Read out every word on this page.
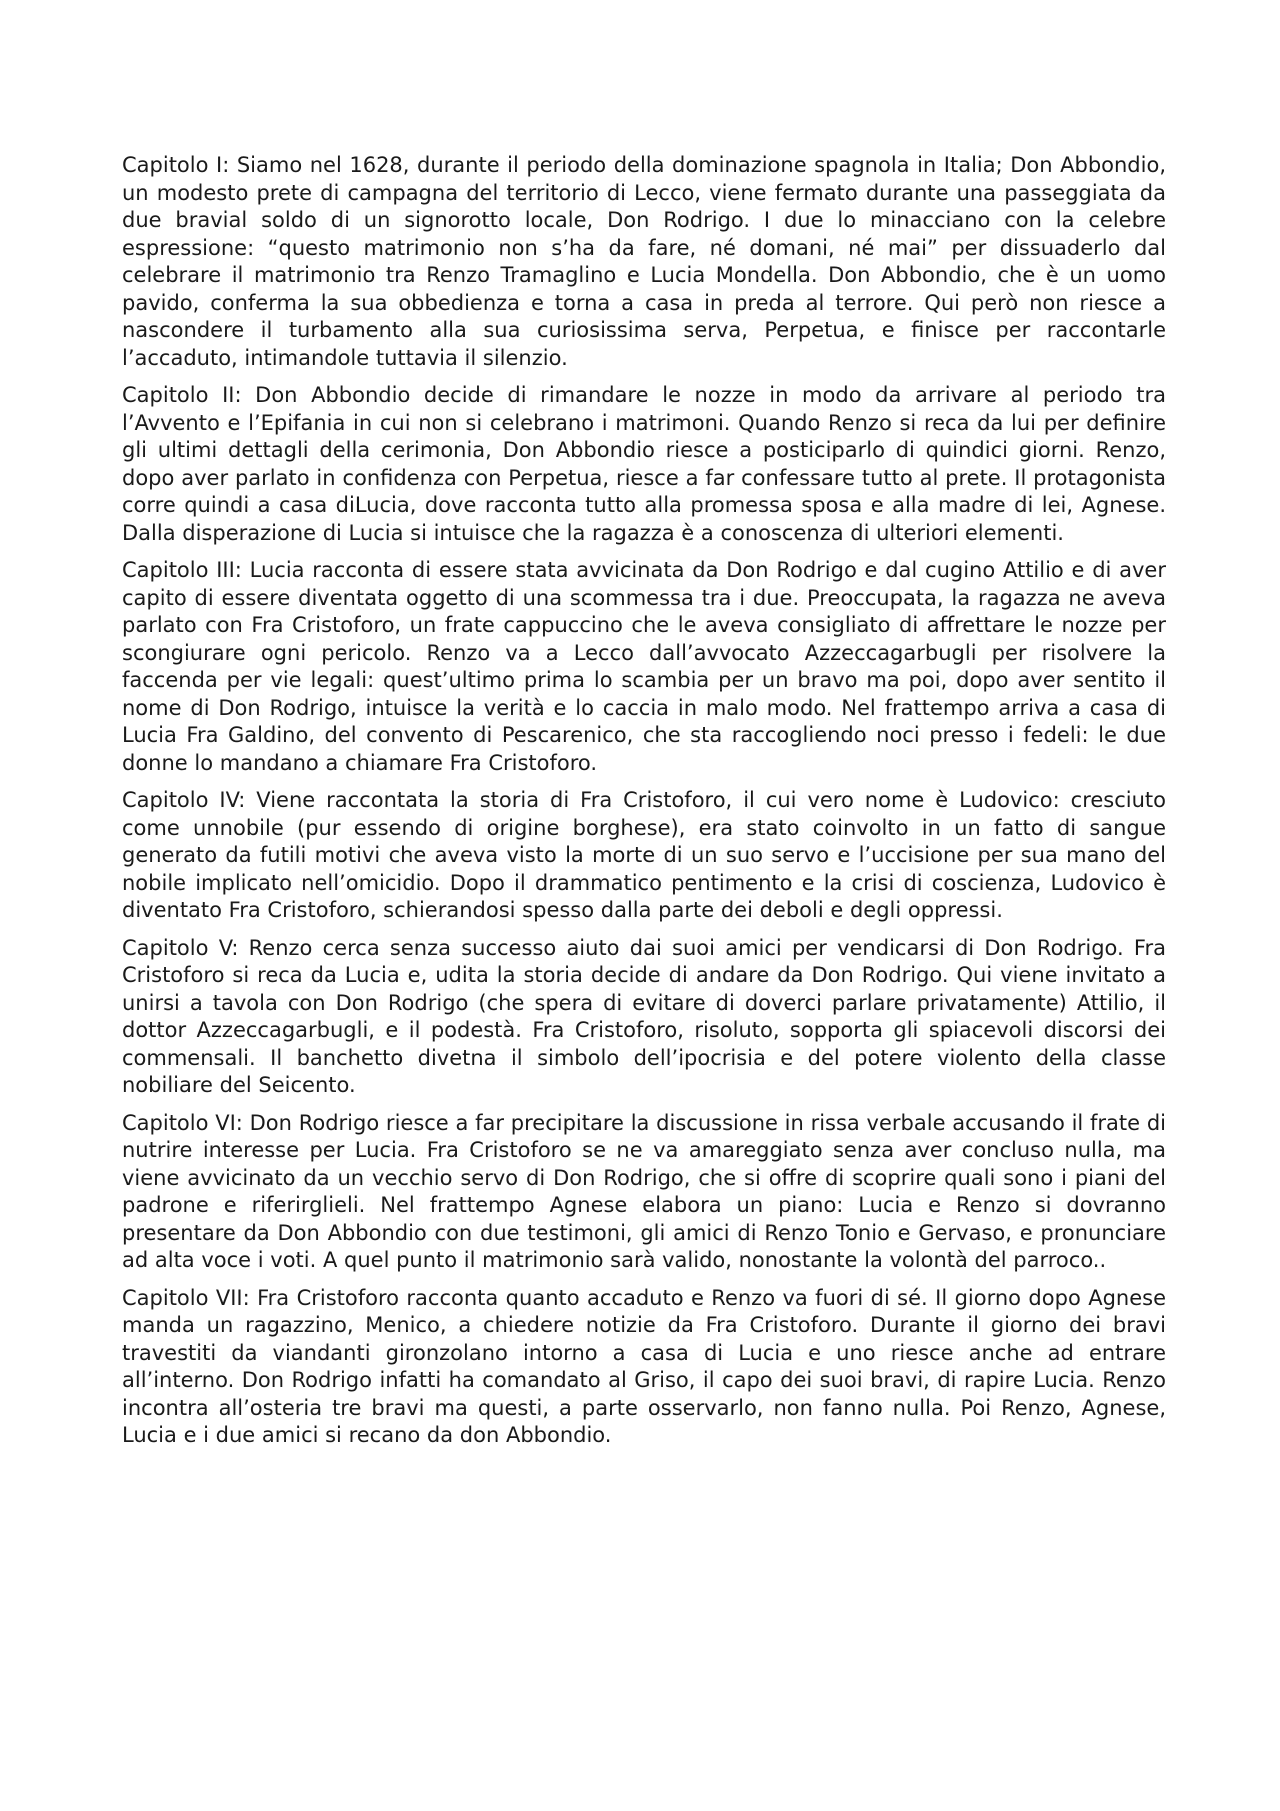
Capitolo I: Siamo nel 1628, durante il periodo della dominazione spagnola in Italia; Don Abbondio, un modesto prete di campagna del territorio di Lecco, viene fermato durante una passeggiata da due bravial soldo di un signorotto locale, Don Rodrigo. I due lo minacciano con la celebre espressione: “questo matrimonio non s’ha da fare, né domani, né mai” per dissuaderlo dal celebrare il matrimonio tra Renzo Tramaglino e Lucia Mondella. Don Abbondio, che è un uomo pavido, conferma la sua obbedienza e torna a casa in preda al terrore. Qui però non riesce a nascondere il turbamento alla sua curiosissima serva, Perpetua, e finisce per raccontarle l’accaduto, intimandole tuttavia il silenzio.

Capitolo II: Don Abbondio decide di rimandare le nozze in modo da arrivare al periodo tra l’Avvento e l’Epifania in cui non si celebrano i matrimoni. Quando Renzo si reca da lui per definire gli ultimi dettagli della cerimonia, Don Abbondio riesce a posticiparlo di quindici giorni. Renzo, dopo aver parlato in confidenza con Perpetua, riesce a far confessare tutto al prete. Il protagonista corre quindi a casa diLucia, dove racconta tutto alla promessa sposa e alla madre di lei, Agnese. Dalla disperazione di Lucia si intuisce che la ragazza è a conoscenza di ulteriori elementi.

Capitolo III: Lucia racconta di essere stata avvicinata da Don Rodrigo e dal cugino Attilio e di aver capito di essere diventata oggetto di una scommessa tra i due. Preoccupata, la ragazza ne aveva parlato con Fra Cristoforo, un frate cappuccino che le aveva consigliato di affrettare le nozze per scongiurare ogni pericolo. Renzo va a Lecco dall’avvocato Azzeccagarbugli per risolvere la faccenda per vie legali: quest’ultimo prima lo scambia per un bravo ma poi, dopo aver sentito il nome di Don Rodrigo, intuisce la verità e lo caccia in malo modo. Nel frattempo arriva a casa di Lucia Fra Galdino, del convento di Pescarenico, che sta raccogliendo noci presso i fedeli: le due donne lo mandano a chiamare Fra Cristoforo.

Capitolo IV: Viene raccontata la storia di Fra Cristoforo, il cui vero nome è Ludovico: cresciuto come unnobile (pur essendo di origine borghese), era stato coinvolto in un fatto di sangue generato da futili motivi che aveva visto la morte di un suo servo e l’uccisione per sua mano del nobile implicato nell’omicidio. Dopo il drammatico pentimento e la crisi di coscienza, Ludovico è diventato Fra Cristoforo, schierandosi spesso dalla parte dei deboli e degli oppressi.

Capitolo V: Renzo cerca senza successo aiuto dai suoi amici per vendicarsi di Don Rodrigo. Fra Cristoforo si reca da Lucia e, udita la storia decide di andare da Don Rodrigo. Qui viene invitato a unirsi a tavola con Don Rodrigo (che spera di evitare di doverci parlare privatamente) Attilio, il dottor Azzeccagarbugli, e il podestà. Fra Cristoforo, risoluto, sopporta gli spiacevoli discorsi dei commensali. Il banchetto divetna il simbolo dell’ipocrisia e del potere violento della classe nobiliare del Seicento.

Capitolo VI: Don Rodrigo riesce a far precipitare la discussione in rissa verbale accusando il frate di nutrire interesse per Lucia. Fra Cristoforo se ne va amareggiato senza aver concluso nulla, ma viene avvicinato da un vecchio servo di Don Rodrigo, che si offre di scoprire quali sono i piani del padrone e riferirglieli. Nel frattempo Agnese elabora un piano: Lucia e Renzo si dovranno presentare da Don Abbondio con due testimoni, gli amici di Renzo Tonio e Gervaso, e pronunciare ad alta voce i voti. A quel punto il matrimonio sarà valido, nonostante la volontà del parroco..

Capitolo VII: Fra Cristoforo racconta quanto accaduto e Renzo va fuori di sé. Il giorno dopo Agnese manda un ragazzino, Menico, a chiedere notizie da Fra Cristoforo. Durante il giorno dei bravi travestiti da viandanti gironzolano intorno a casa di Lucia e uno riesce anche ad entrare all’interno. Don Rodrigo infatti ha comandato al Griso, il capo dei suoi bravi, di rapire Lucia. Renzo incontra all’osteria tre bravi ma questi, a parte osservarlo, non fanno nulla. Poi Renzo, Agnese, Lucia e i due amici si recano da don Abbondio.
